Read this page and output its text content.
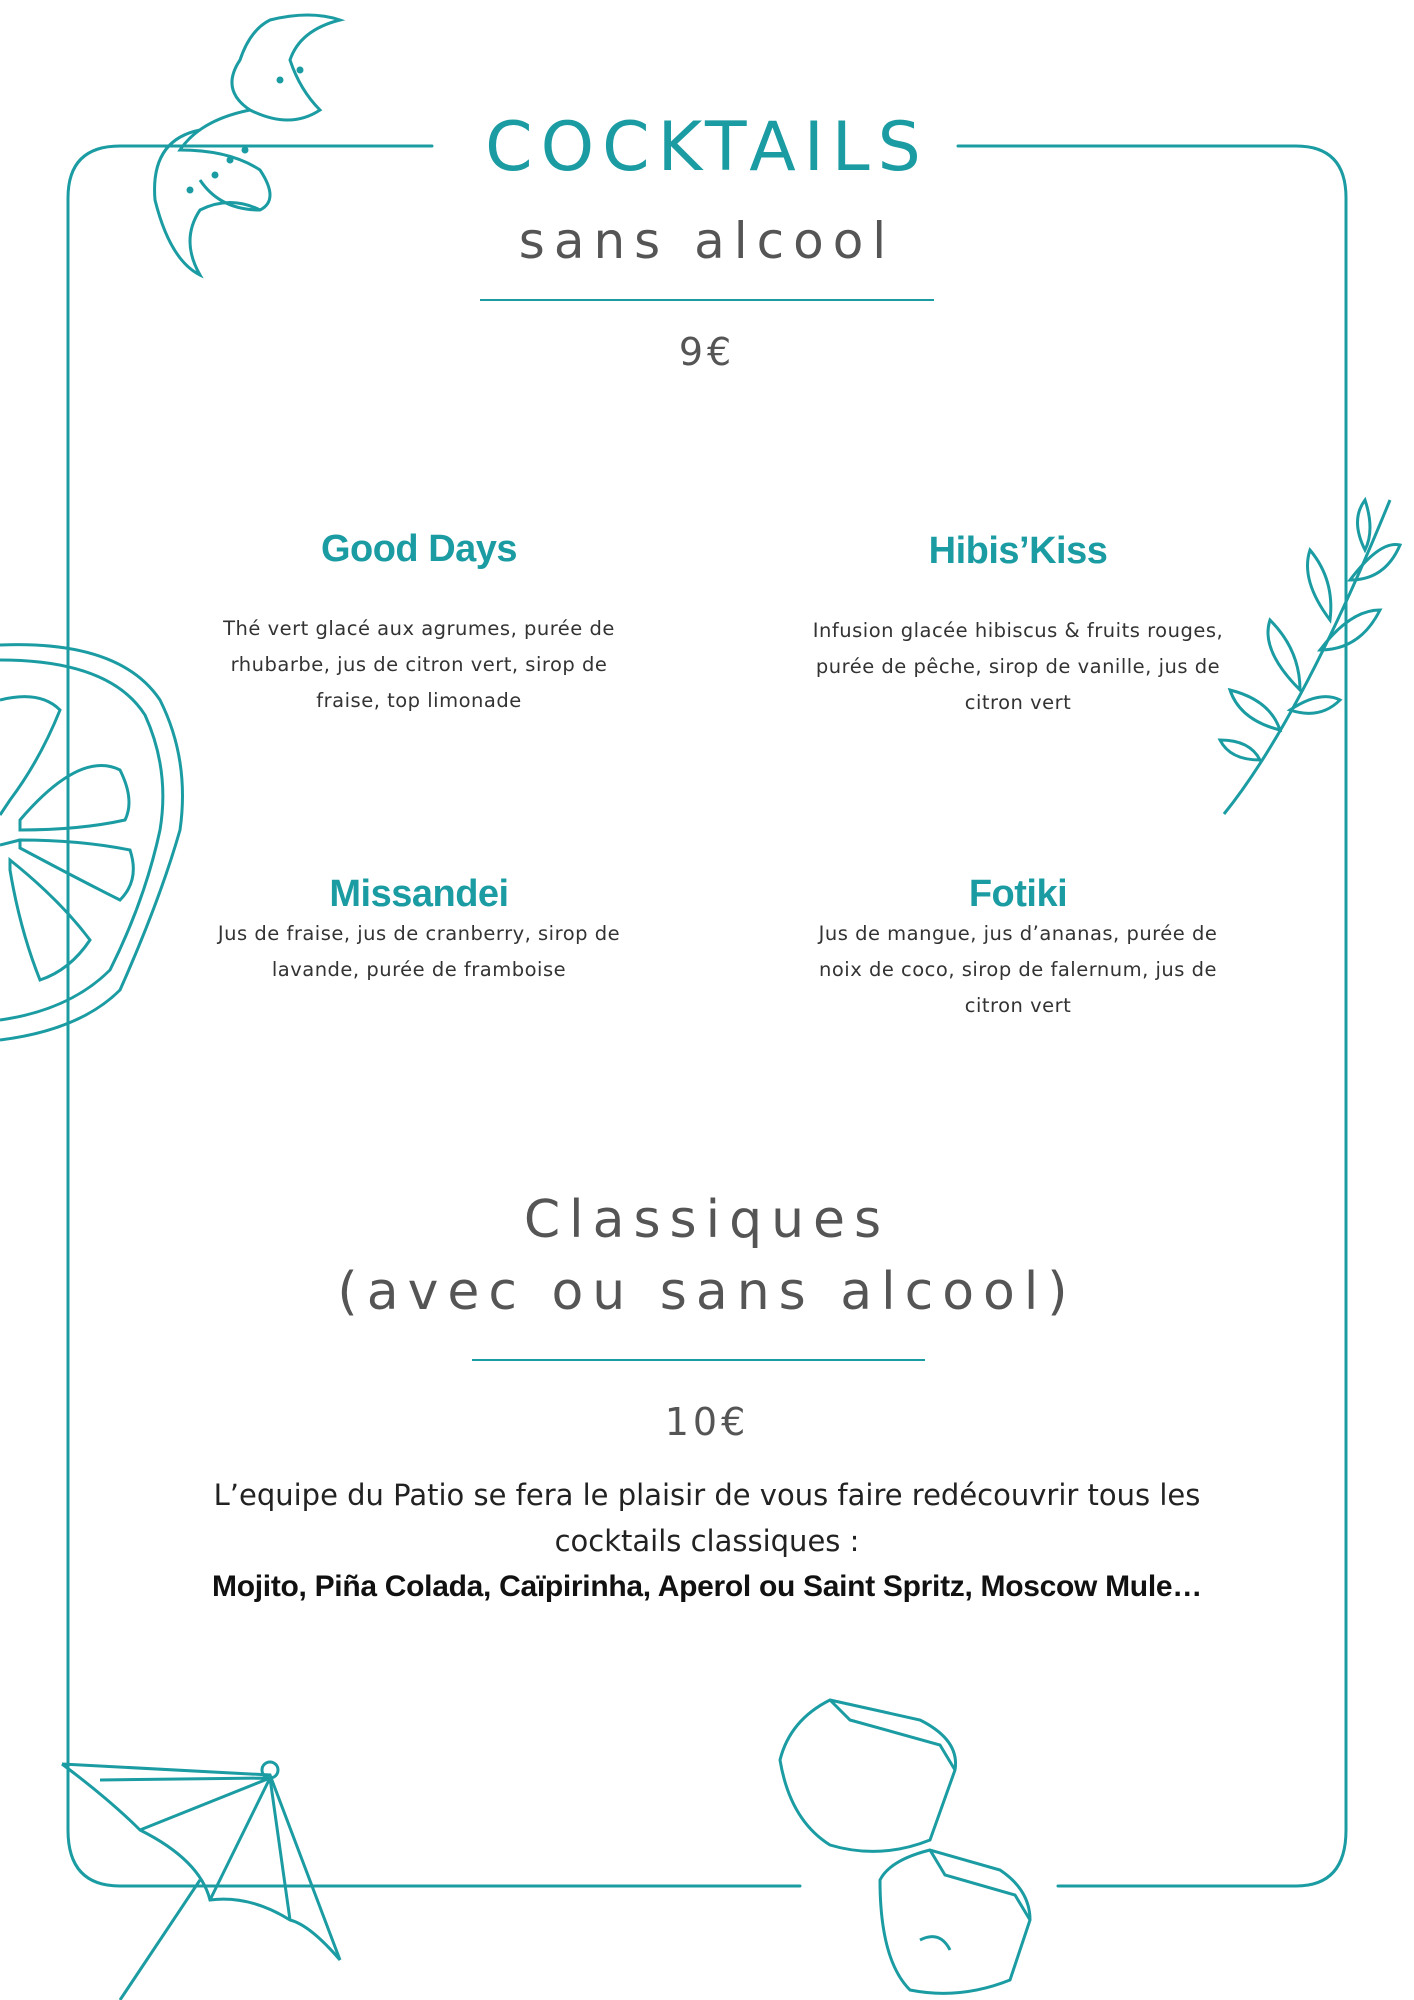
COCKTAILS
sans alcool
9€
Good Days

Thé vert glacé aux agrumes, purée de rhubarbe, jus de citron vert, sirop de fraise, top limonade

Hibis’Kiss

Infusion glacée hibiscus & fruits rouges, purée de pêche, sirop de vanille, jus de citron vert

Missandei

Jus de fraise, jus de cranberry, sirop de lavande, purée de framboise

Fotiki

Jus de mangue, jus d’ananas, purée de noix de coco, sirop de falernum, jus de citron vert

Classiques
(avec ou sans alcool)
10€
L’equipe du Patio se fera le plaisir de vous faire redécouvrir tous les cocktails classiques :
Mojito, Piña Colada, Caïpirinha, Aperol ou Saint Spritz, Moscow Mule…
